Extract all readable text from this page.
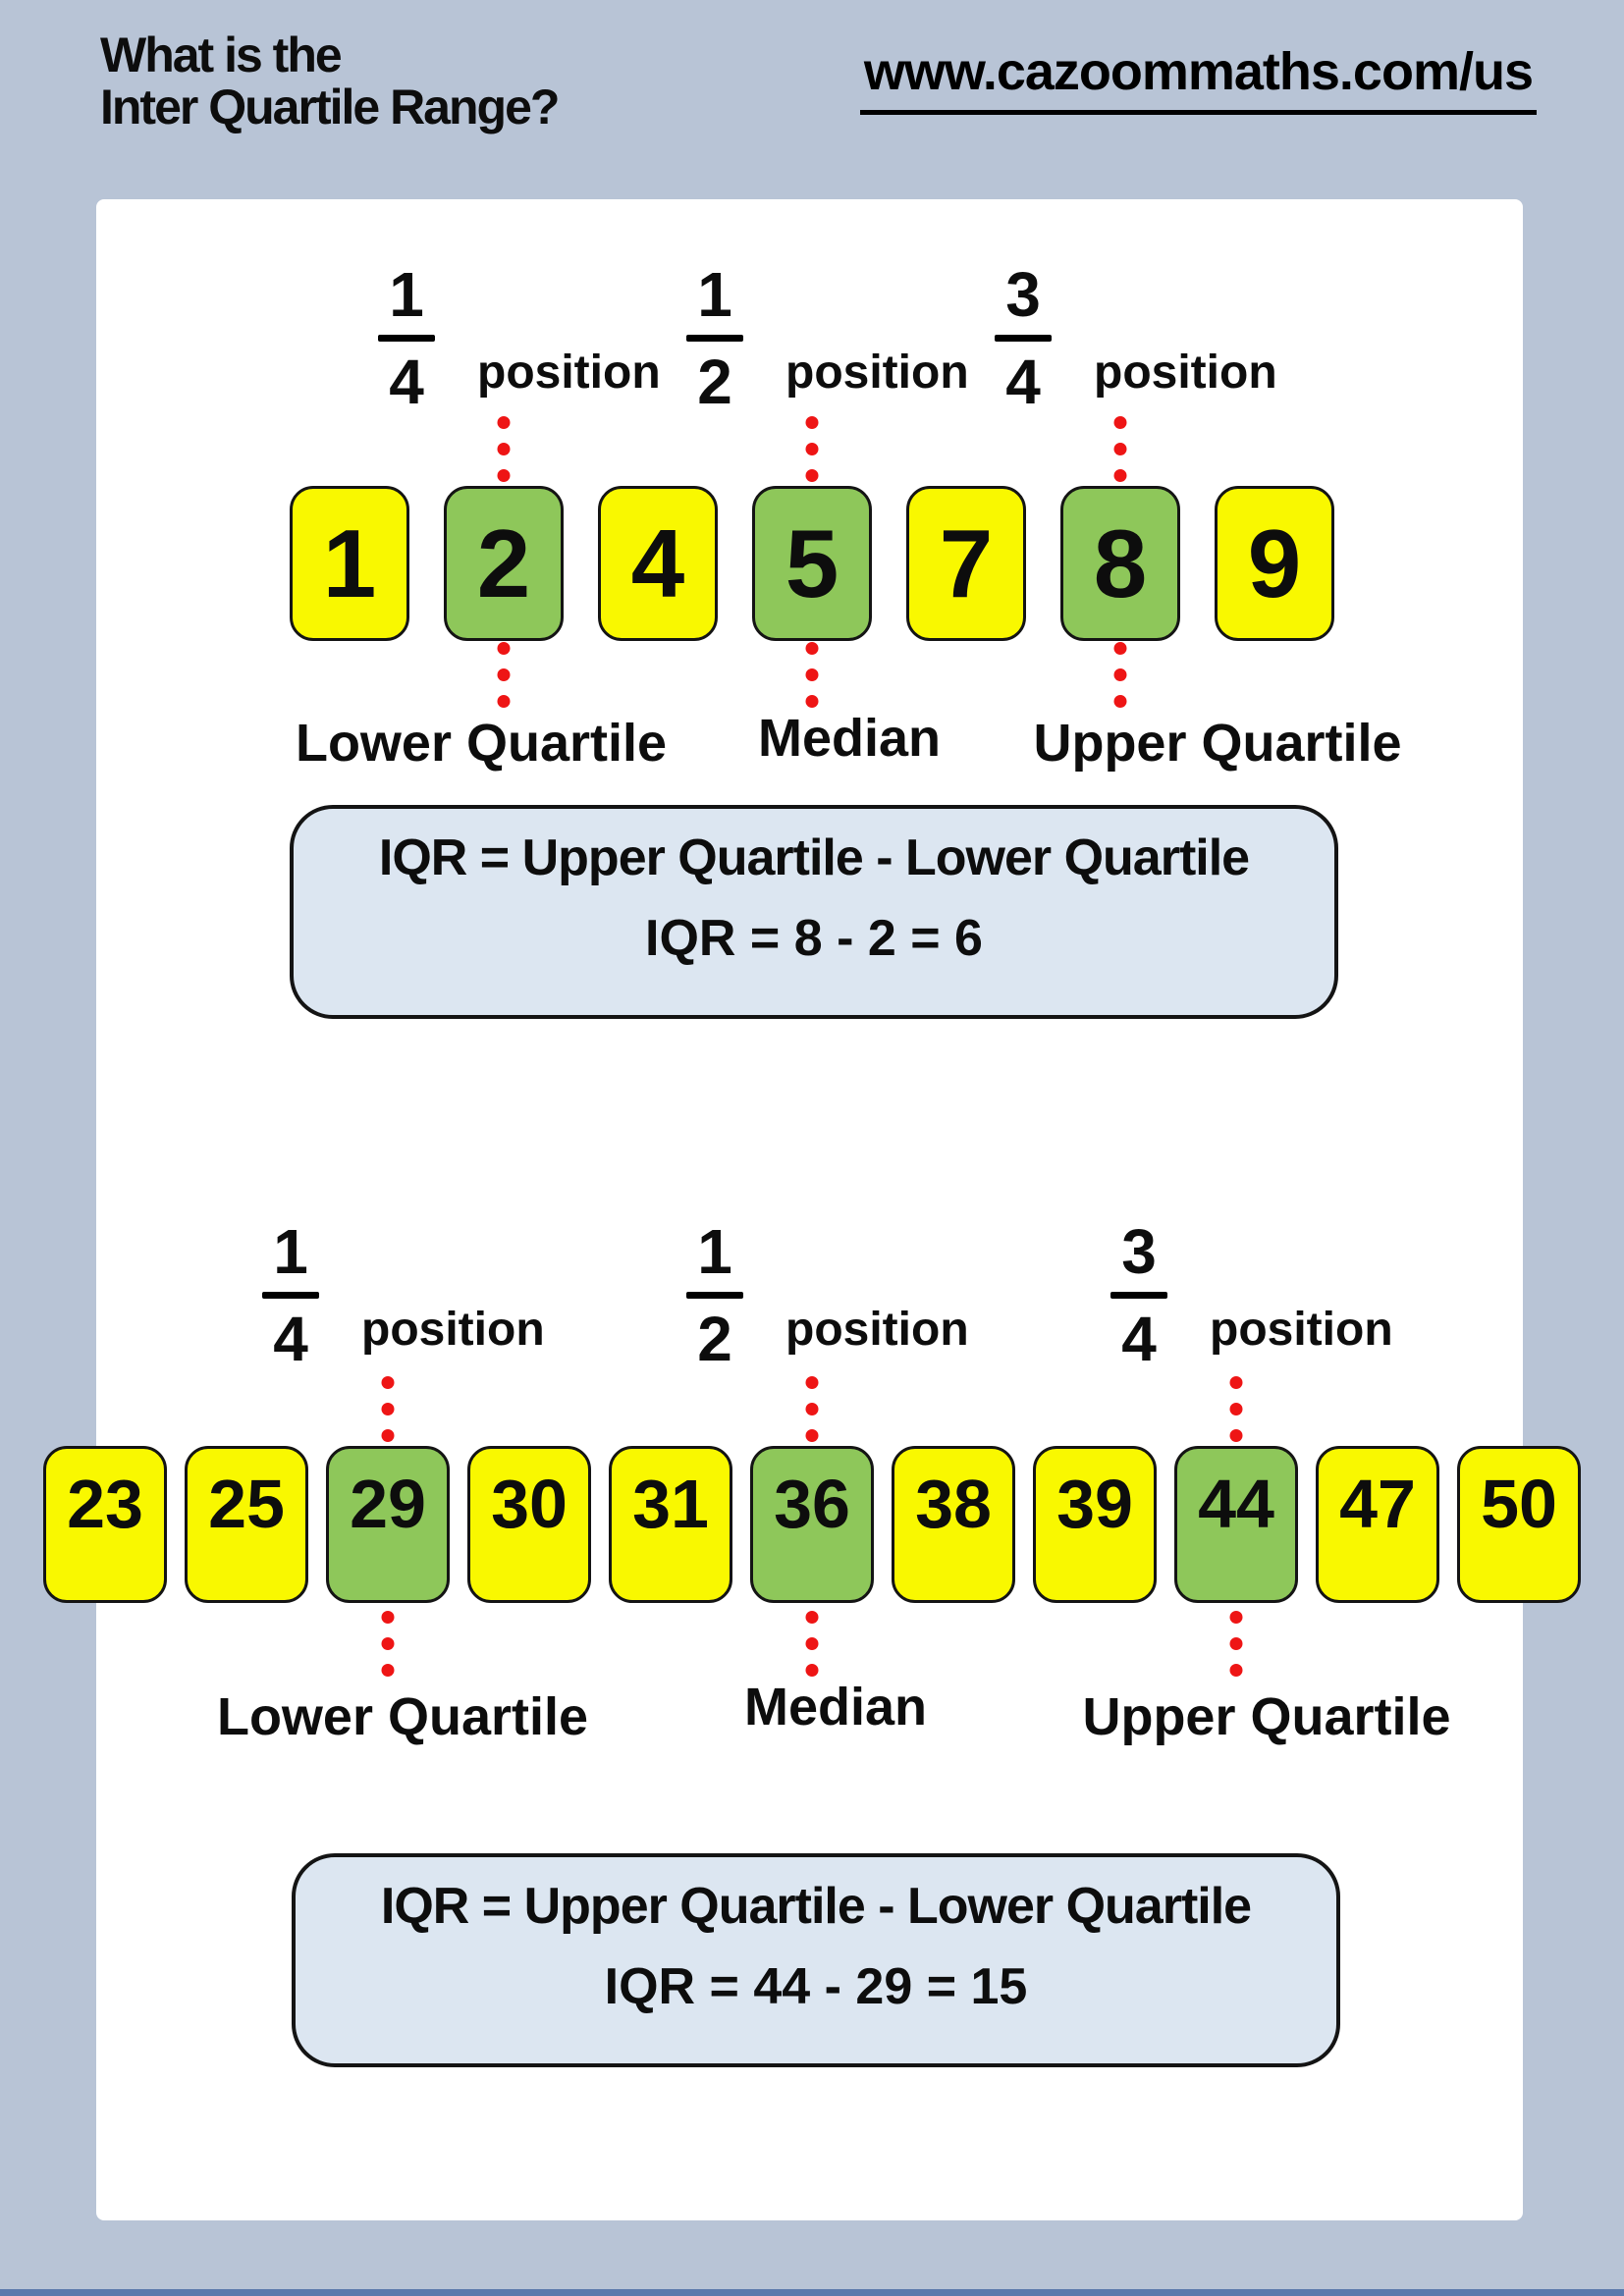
What is the
Inter Quartile Range?
www.cazoommaths.com/us
1
4	position
1
2	position
3
4	position
1 2 4 5 7 8 9
Lower Quartile Median Upper Quartile
IQR = Upper Quartile - Lower Quartile
IQR = 8 - 2 = 6
1
4	position
1
2	position
3
4	position
23 25 29 30 31 36 38 39 44 47 50
Lower Quartile	Median	Upper Quartile
IQR = Upper Quartile - Lower Quartile
IQR = 44 - 29 = 15
